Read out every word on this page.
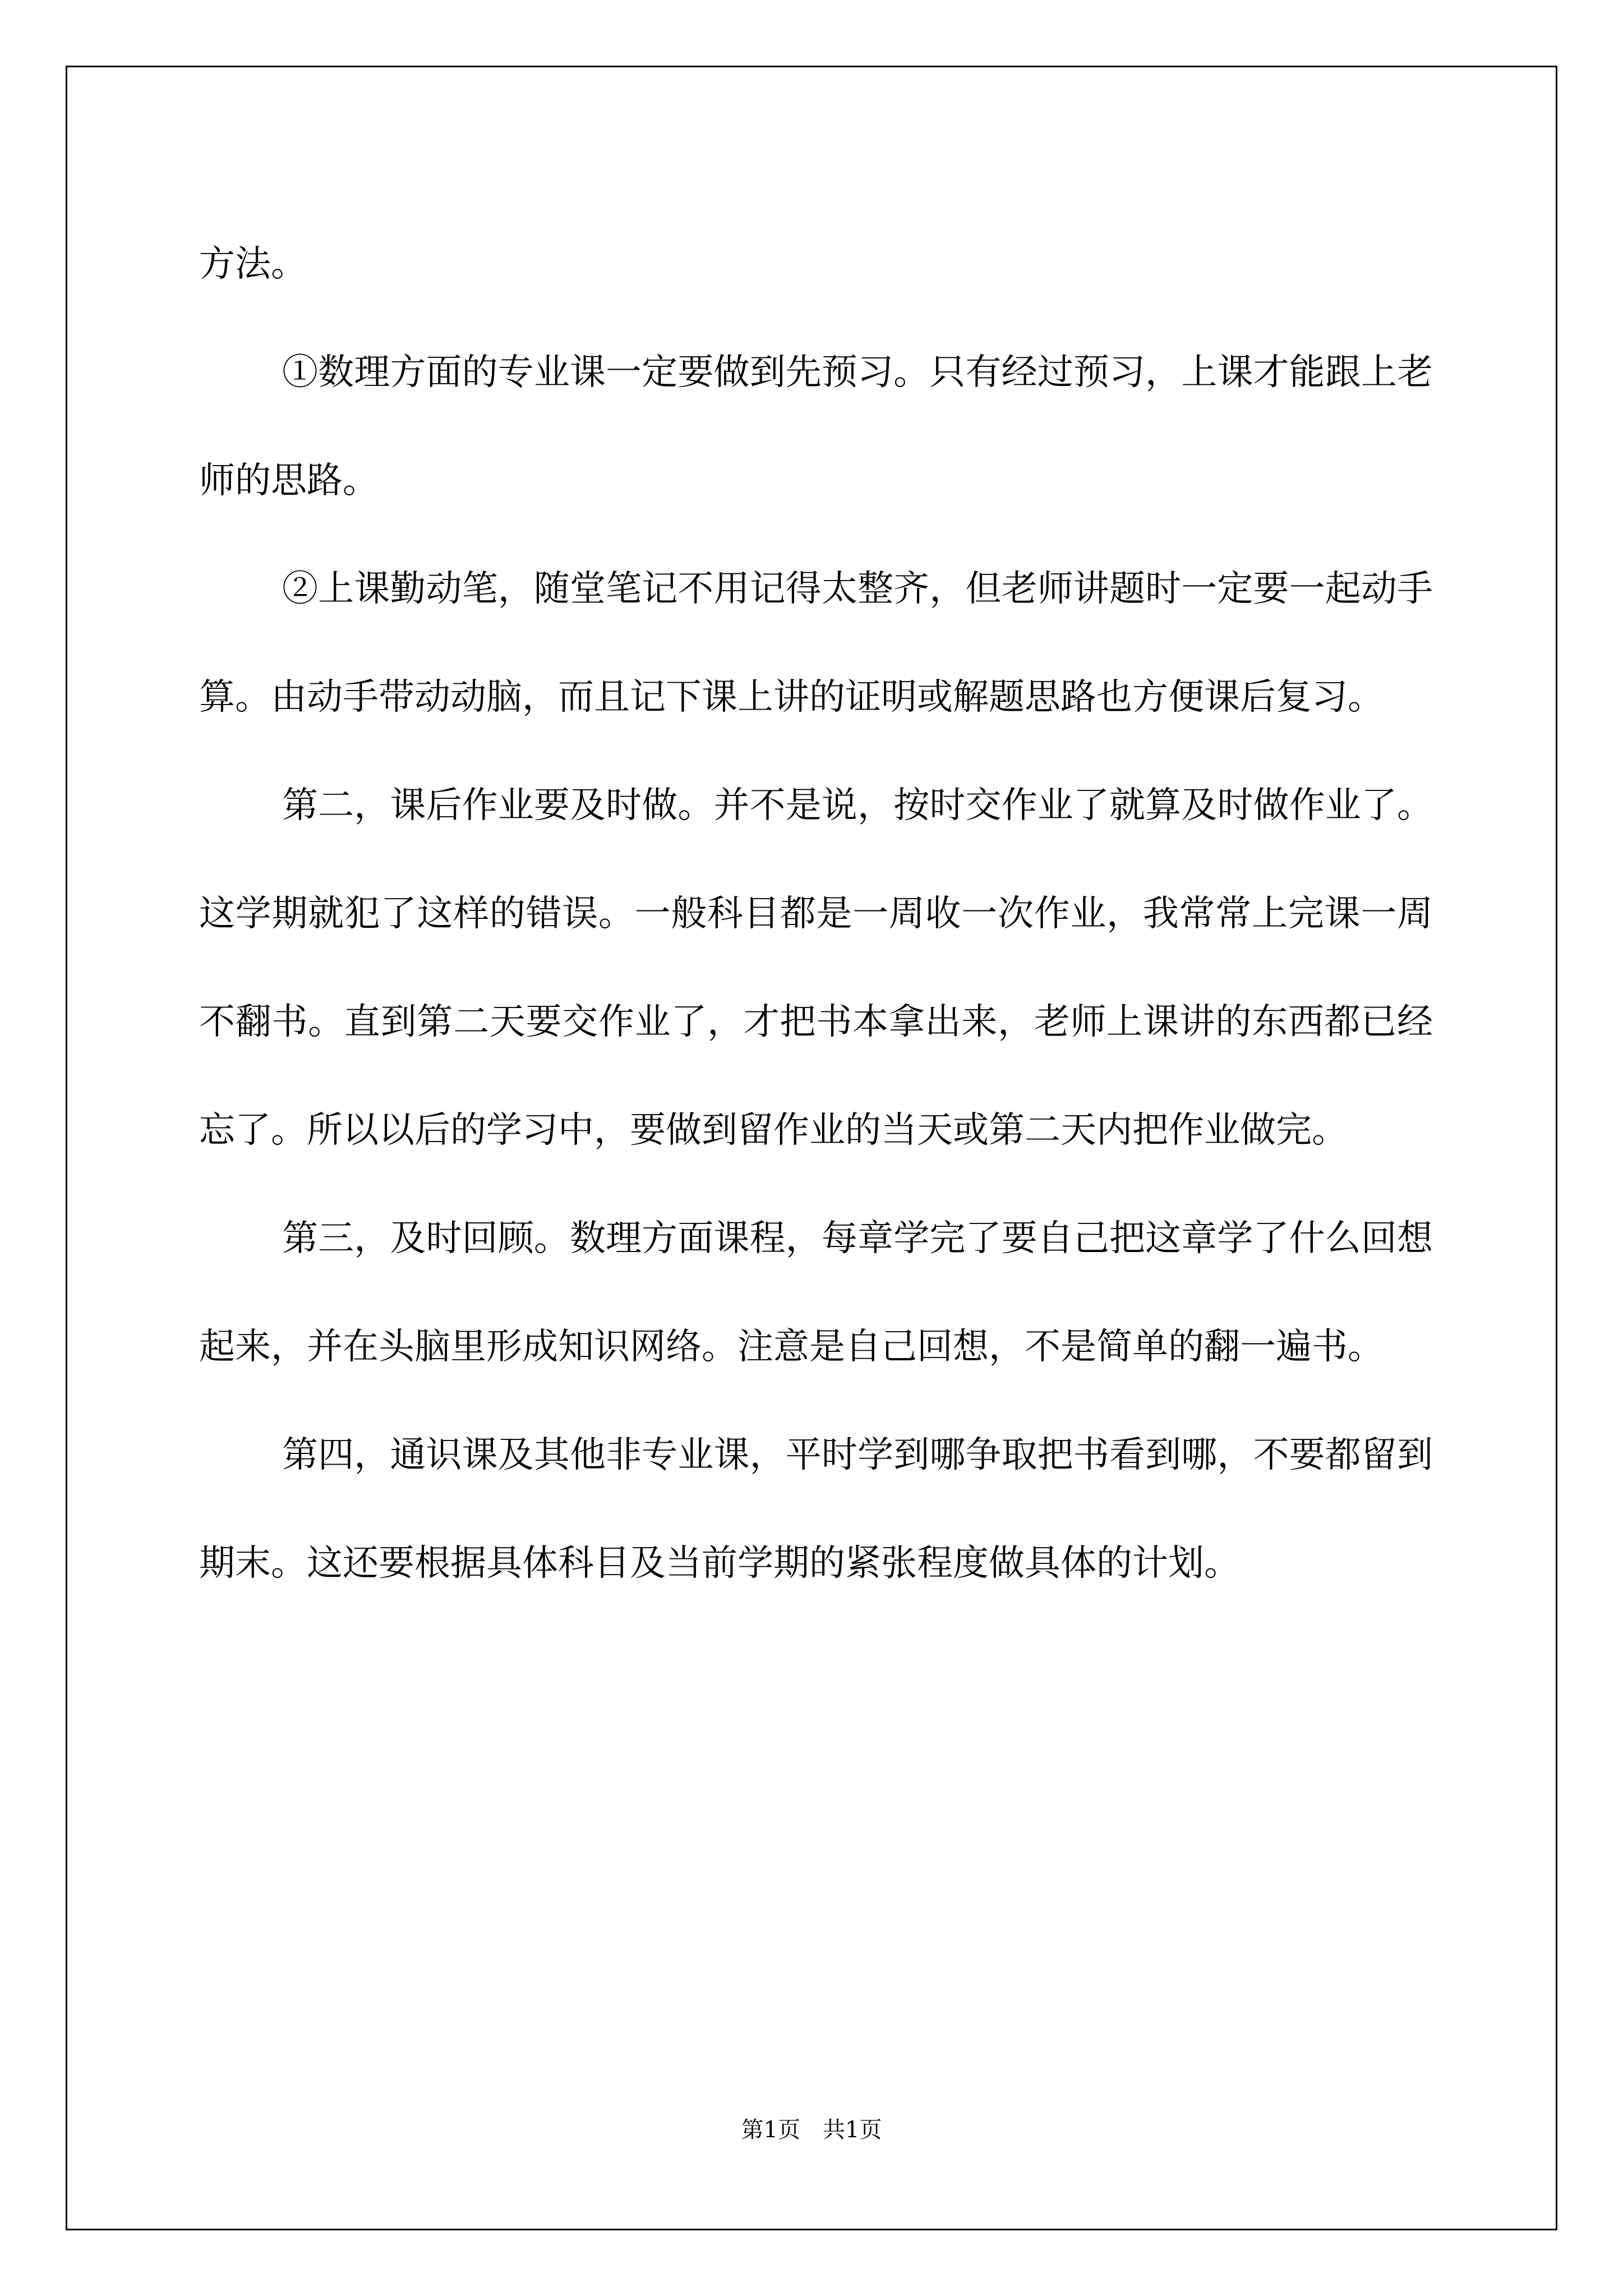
方法。

①数理方面的专业课一定要做到先预习。只有经过预习，上课才能跟上老师的思路。

②上课勤动笔，随堂笔记不用记得太整齐，但老师讲题时一定要一起动手算。由动手带动动脑，而且记下课上讲的证明或解题思路也方便课后复习。

第二，课后作业要及时做。并不是说，按时交作业了就算及时做作业了。这学期就犯了这样的错误。一般科目都是一周收一次作业，我常常上完课一周不翻书。直到第二天要交作业了，才把书本拿出来，老师上课讲的东西都已经忘了。所以以后的学习中，要做到留作业的当天或第二天内把作业做完。

第三，及时回顾。数理方面课程，每章学完了要自己把这章学了什么回想起来，并在头脑里形成知识网络。注意是自己回想，不是简单的翻一遍书。

第四，通识课及其他非专业课，平时学到哪争取把书看到哪，不要都留到期末。这还要根据具体科目及当前学期的紧张程度做具体的计划。

第1页　共1页
